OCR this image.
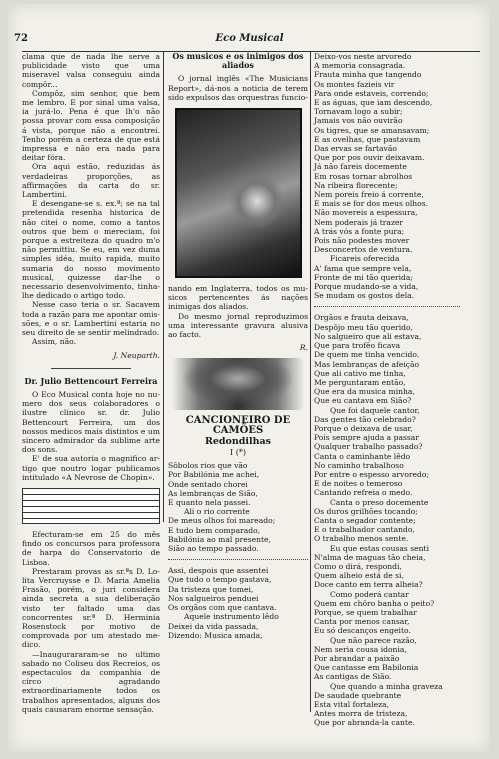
72	Eco Musical

clama que de nada lhe serve a publicidade visto que uma miseravel valsa conseguiu ainda compôr...

Compôz, sim senhor, que bem me lembro. E por sinal uma valsa, ia jurá-lo. Pena é que lh'o não possa provar com essa composição á vista, porque não a encontrei. Tenho porém a certeza de que está impressa e não era nada para deitar fóra.

Ora aqui estão, reduzidas ás verdadeiras proporções, as affirmações da carta do sr. Lambertini.

E desengane-se s. ex.ª; se na tal pretendida resenha historica de não citei o nome, como a tantos outros que bem o mereciam, foi porque a estreiteza do quadro m'o não permittiu. Se eu, em vez duma simples idéa, muito rapida, muito sumaria do nosso movimento musical, quizesse dar-lhe o necessario desenvolvimento, tinha-lhe dedicado o artigo todo.

Nesse caso teria o sr. Sacavem toda a razão para me apontar omissões, e o sr. Lambertini estaria no seu direito de se sentir melindrado.

Assim, não.

J. Neuparth.
Dr. Julio Bettencourt Ferreira

O Eco Musical conta hoje no numero dos seus colaboradores o ilustre clinico sr. dr. Julio Bettencourt Ferreira, um dos nossos medicos mais distintos e um sincero admirador da sublime arte dos sons.

E' de sua autoria o magnifico artigo que noutro logar publicamos intitulado «A Nevrose de Chopin».

Efecturam-se em 25 do mês findo os concursos para professora de harpa do Conservatorio de Lisboa.

Prestaram provas as sr.ªs D. Lolita Vercruysse e D. Maria Amelia Frasão, porém, o juri considera ainda secreta a sua deliberação visto ter faltado uma das concorrentes sr.ª D. Herminia Rosenstock por motivo de comprovada por um atestado medico.

—Inaugurararam-se no ultimo sabado no Coliseu dos Recreios, os espectaculos da companhia de circo agradando extraordinariamente todos os trabalhos apresentados, alguns dos quais causaram enorme sensação.

Os musicos e os inimigos dos aliados

O jornal inglês «The Musicians Report», dá-nos a noticia de terem sido expulsos das orquestras funcio-

nando em Inglaterra, todos os musicos pertencentes ás nações inimigas dos aliados.

Do mesmo jornal reproduzimos uma interessante gravura alusiva ao facto.

R.
CANCIONEIRO DE CAMÕES
Redondilhas
I (*)
Sôbolos rios que vão
Por Babilónia me achei,
Onde sentado chorei
As lembranças de Sião,
E quanto nela passei.
Ali o rio corrente
De meus olhos foi mareado;
E tudo bem comparado,
Babilónia ao mal presente,
Sião ao tempo passado.
Assi, despois que assentei
Que tudo o tempo gastava,
Da tristeza que tomei,
Nos salgueiros penduei
Os orgãos com que cantava.
Aquele instrumento lêdo
Deixei da vida passada,
Dizendo: Musica amada,
Deixo-vos neste arvoredo
A memoria consagrada.
Frauta minha que tangendo
Os montes fazieis vir
Para onde estaveis, correndo;
E as águas, que iam descendo,
Tornavam logo a subir;
Jamais vos não ouvirão
Os tigres, que se amansavam;
E as ovelhas, que pastavam
Das ervas se fartavão
Que por pos ouvir deixavam.
Já não fareis docemente
Em rosas tornar abrolhos
Na ribeira florecente;
Nem poreis freio á corrente,
E mais se for dos meus olhos.
Não movereis a espessura,
Nem poderais já trazer
A trás vós a fonte pura;
Pois não podestes mover
Desconcertos de ventura.
Ficareis oferecida
A' fama que sempre vela,
Fronte de mi tão querida;
Porque mudando-se a vida,
Se mudam os gostos dela.
Orgãos e frauta deixava,
Despôjo meu tão querido,
No salgueiro que ali estava,
Que para trofêo ficava
De quem me tinha vencido.
Mas lembranças de afeição
Que ali cativo me tinha,
Me perguntaram então,
Que era da musica minha,
Que eu cantava em Sião?
Que foi daquele cantor,
Das gentes tão celebrado?
Porque o deixava de usar,
Pois sempre ajuda a passar
Qualquer trabalho passado?
Canta o caminhante lêdo
No caminho trabalhoso
Por entre o espesso arvoredo;
E de noites o temeroso
Cantando refreia o medo.
Canta o preso docemente
Os duros grilhões tocando;
Canta o segador contente;
E o trabalhador cantando,
O trabalho menos sente.
Eu que estas cousas senti
N'alma de maguas tão cheia,
Como o dirá, respondi,
Quem alheio está de si,
Doce canto em terra alheia?
Como poderá cantar
Quem em chôro banha o peito?
Porque, se quem trabalhar
Canta por menos cansar,
Eu só descanços engeito.
Que não parece razão,
Nem seria cousa idonia,
Por abrandar a paixão
Que cantasse em Babilonia
As cantigas de Sião.
Que quando a minha graveza
De saudade quebrante
Esta vital fortaleza,
Antes morra de tristeza,
Que por abranda-la cante.
